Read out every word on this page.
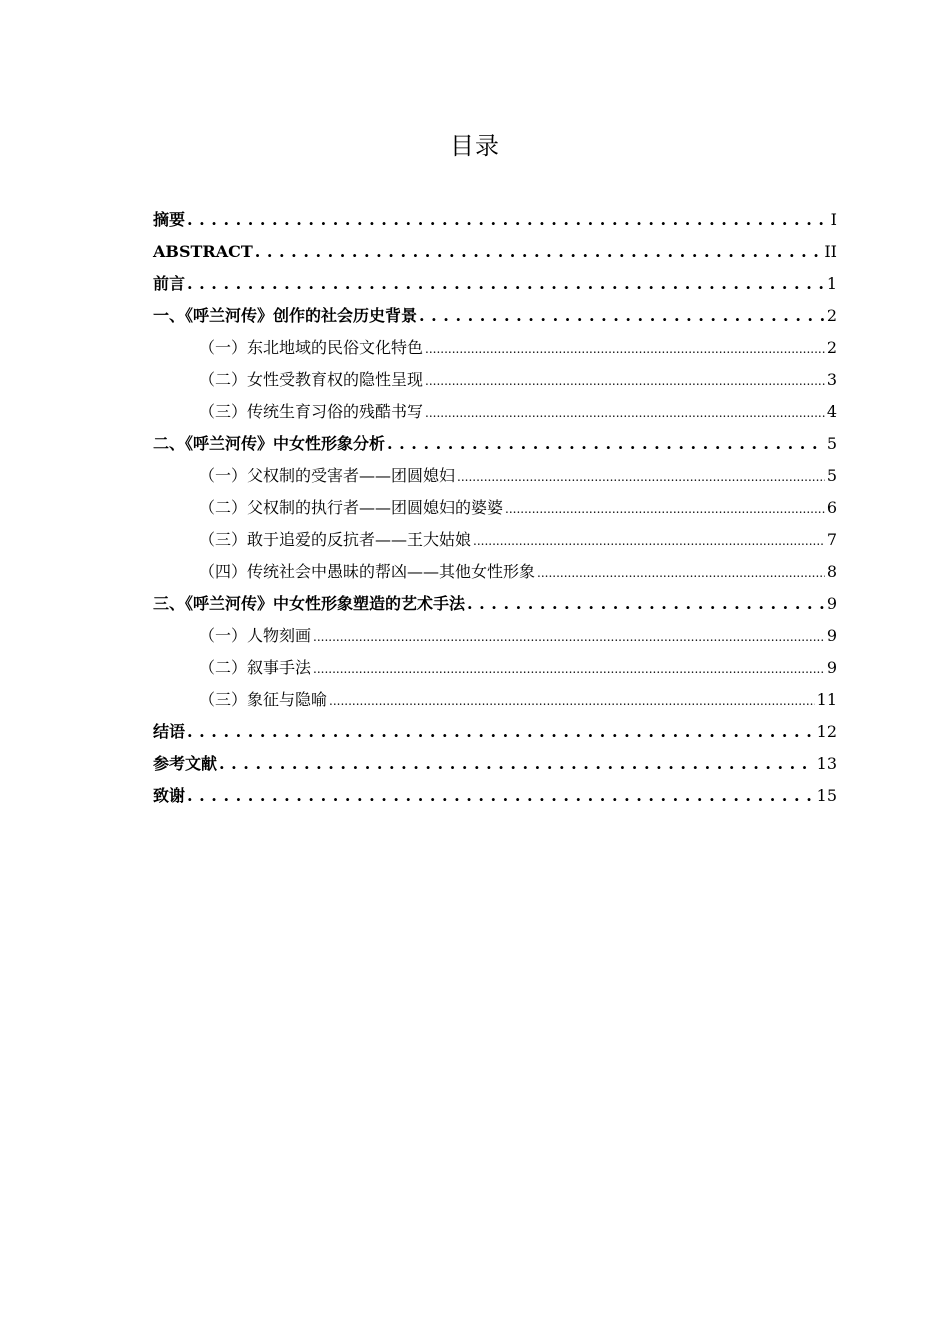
目录
摘要 . . .	I
ABSTRACT . . .	II
前言 . . .	1
一、《呼兰河传》创作的社会历史背景 . . .	2
（一）东北地域的民俗文化特色 .....	2
（二）女性受教育权的隐性呈现 .....	3
（三）传统生育习俗的残酷书写 .....	4
二、《呼兰河传》中女性形象分析 . . .	5
（一）父权制的受害者——团圆媳妇 .....	5
（二）父权制的执行者——团圆媳妇的婆婆 .....	6
（三）敢于追爱的反抗者——王大姑娘 .....	7
（四）传统社会中愚昧的帮凶——其他女性形象 .....	8
三、《呼兰河传》中女性形象塑造的艺术手法 . . .	9
（一）人物刻画 .....	9
（二）叙事手法 .....	9
（三）象征与隐喻 .....	11
结语 . . .	12
参考文献 . . .	13
致谢 . . .	15
